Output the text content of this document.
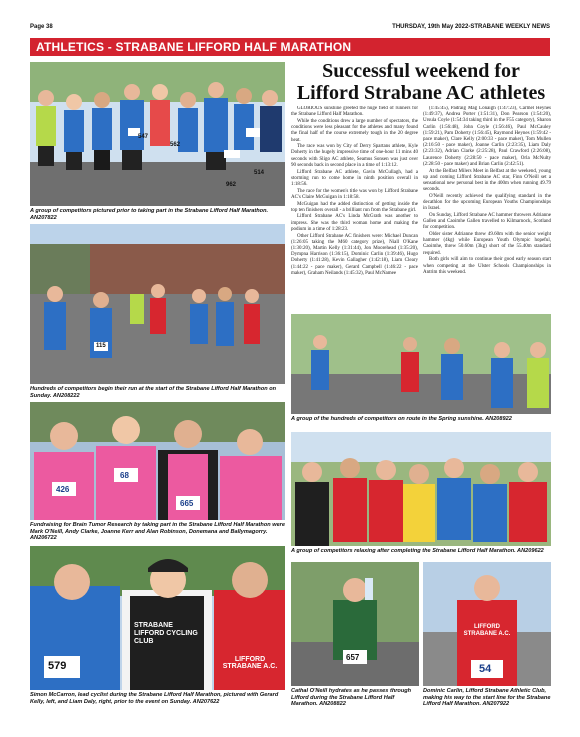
Page 38	THURSDAY, 19th May 2022-STRABANE WEEKLY NEWS
ATHLETICS - STRABANE LIFFORD HALF MARATHON
547
562
962
514
A group of competitors pictured prior to taking part in the Strabane Lifford Half Marathon. AN207822
Successful weekend for Lifford Strabane AC athletes

GLORIOUS sunshine greeted the huge field of runners for the Strabane Lifford Half Marathon.

While the conditions drew a large number of spectators, the conditions were less pleasant for the athletes and many found the final half of the course extremely tough in the 20 degree heat.

The race was won by City of Derry Spartans athlete, Kyle Doherty in the hugely impressive time of one-hour 11 mins 40 seconds with Sligo AC athlete, Seamus Sonsen was just over 90 seconds back in second place in a time of 1:13:12.

Lifford Strabane AC athlete, Gavin McCullagh, had a storming run to come home in ninth position overall in 1:18:56.

The race for the women's title was won by Lifford Strabane AC's Claire McGuigan in 1:18:58.

McGuigan had the added distinction of getting inside the top ten finishers overall - a brilliant run from the Strabane girl.

Lifford Strabane AC's Linda McGrath was another to impress. She was the third woman home and making the podium in a time of 1:28:23.

Other Lifford Strabane AC finishers were: Michael Duncan (1:26:05 taking the M60 category prize), Niall O'Kane (1:30:20), Martin Kelly (1:31:44), Jon Moorehead (1:35:20), Dympna Harrison (1:36:15), Dominic Carlin (1:39:46), Hugo Doherty (1:41:28), Kevin Gallagher (1:42:18), Liam Cleary (1:44:22 - pace maker), Gerard Campbell (1:46:22 - pace maker), Graham Neilands (1:45:32), Paul McNamee

(1:45:45), Padraig Mag Lonaigh (1:47:23), Carmel Heynes (1:49:37), Andrea Porter (1:51:31), Don Pearson (1:54:20), Ursula Coyle (1:54:34 taking third in the F55 category), Sharon Carlin (1:56:48), John Coyle (1:56:46), Paul McCauley (1:59:21), Pam Doherty (1:56:45), Raymond Heynes (1:59:42 - pace maker), Clare Kelly (2:00:33 - pace maker), Tom Mullen (2:16:50 - pace maker), Joanne Carlin (2:23:35), Liam Daly (2:23:32), Adrian Clarke (2:25:28), Paul Crawford (2:26:08), Laurence Doherty (2:28:50 - pace maker), Orla McNulty (2:28:50 - pace maker) and Brian Carlin (2:42:51).

At the Belfast Milers Meet in Belfast at the weekend, young up and coming Lifford Strabane AC star, Finn O'Neill set a sensational new personal best in the 400m when running 49.79 seconds.

O'Neill recently achieved the qualifying standard in the decathlon for the upcoming European Youths Championships in Israel.

On Sunday, Lifford Strabane AC hammer throwers Adrianne Gallen and Caoimhe Gallen travelled to Kilmarnock, Scotland for competition.

Older sister Adrianne threw 49.60m with the senior weight hammer (4kg) while European Youth Olympic hopeful, Caoimhe, threw 50.60m (3kg) short of the 55.40m standard required.

Both girls will aim to continue their good early season start when competing at the Ulster Schools Championships in Antrim this weekend.

115
Hundreds of competitors begin their run at the start of the Strabane Lifford Half Marathon on Sunday. AN208222
A group of the hundreds of competitors on route in the Spring sunshine. AN208922
426
68
665
Fundraising for Brain Tumor Research by taking part in the Strabane Lifford Half Marathon were Mark O'Neill, Andy Clarke, Joanne Kerr and Alan Robinson, Donemana and Ballymagorry. AN206722
A group of competitors relaxing after completing the Strabane Lifford Half Marathon. AN209622
579
STRABANE LIFFORD CYCLING CLUB
LIFFORD STRABANE A.C.
Simon McCarron, lead cyclist during the Strabane Lifford Half Marathon, pictured with Gerard Kelly, left, and Liam Daly, right, prior to the event on Sunday. AN207622
657
Cathal O'Neill hydrates as he passes through Lifford during the Strabane Lifford Half Marathon. AN208822
LIFFORD STRABANE A.C.
54
Dominic Carlin, Lifford Strabane Athletic Club, making his way to the start line for the Strabane Lifford Half Marathon. AN207922
